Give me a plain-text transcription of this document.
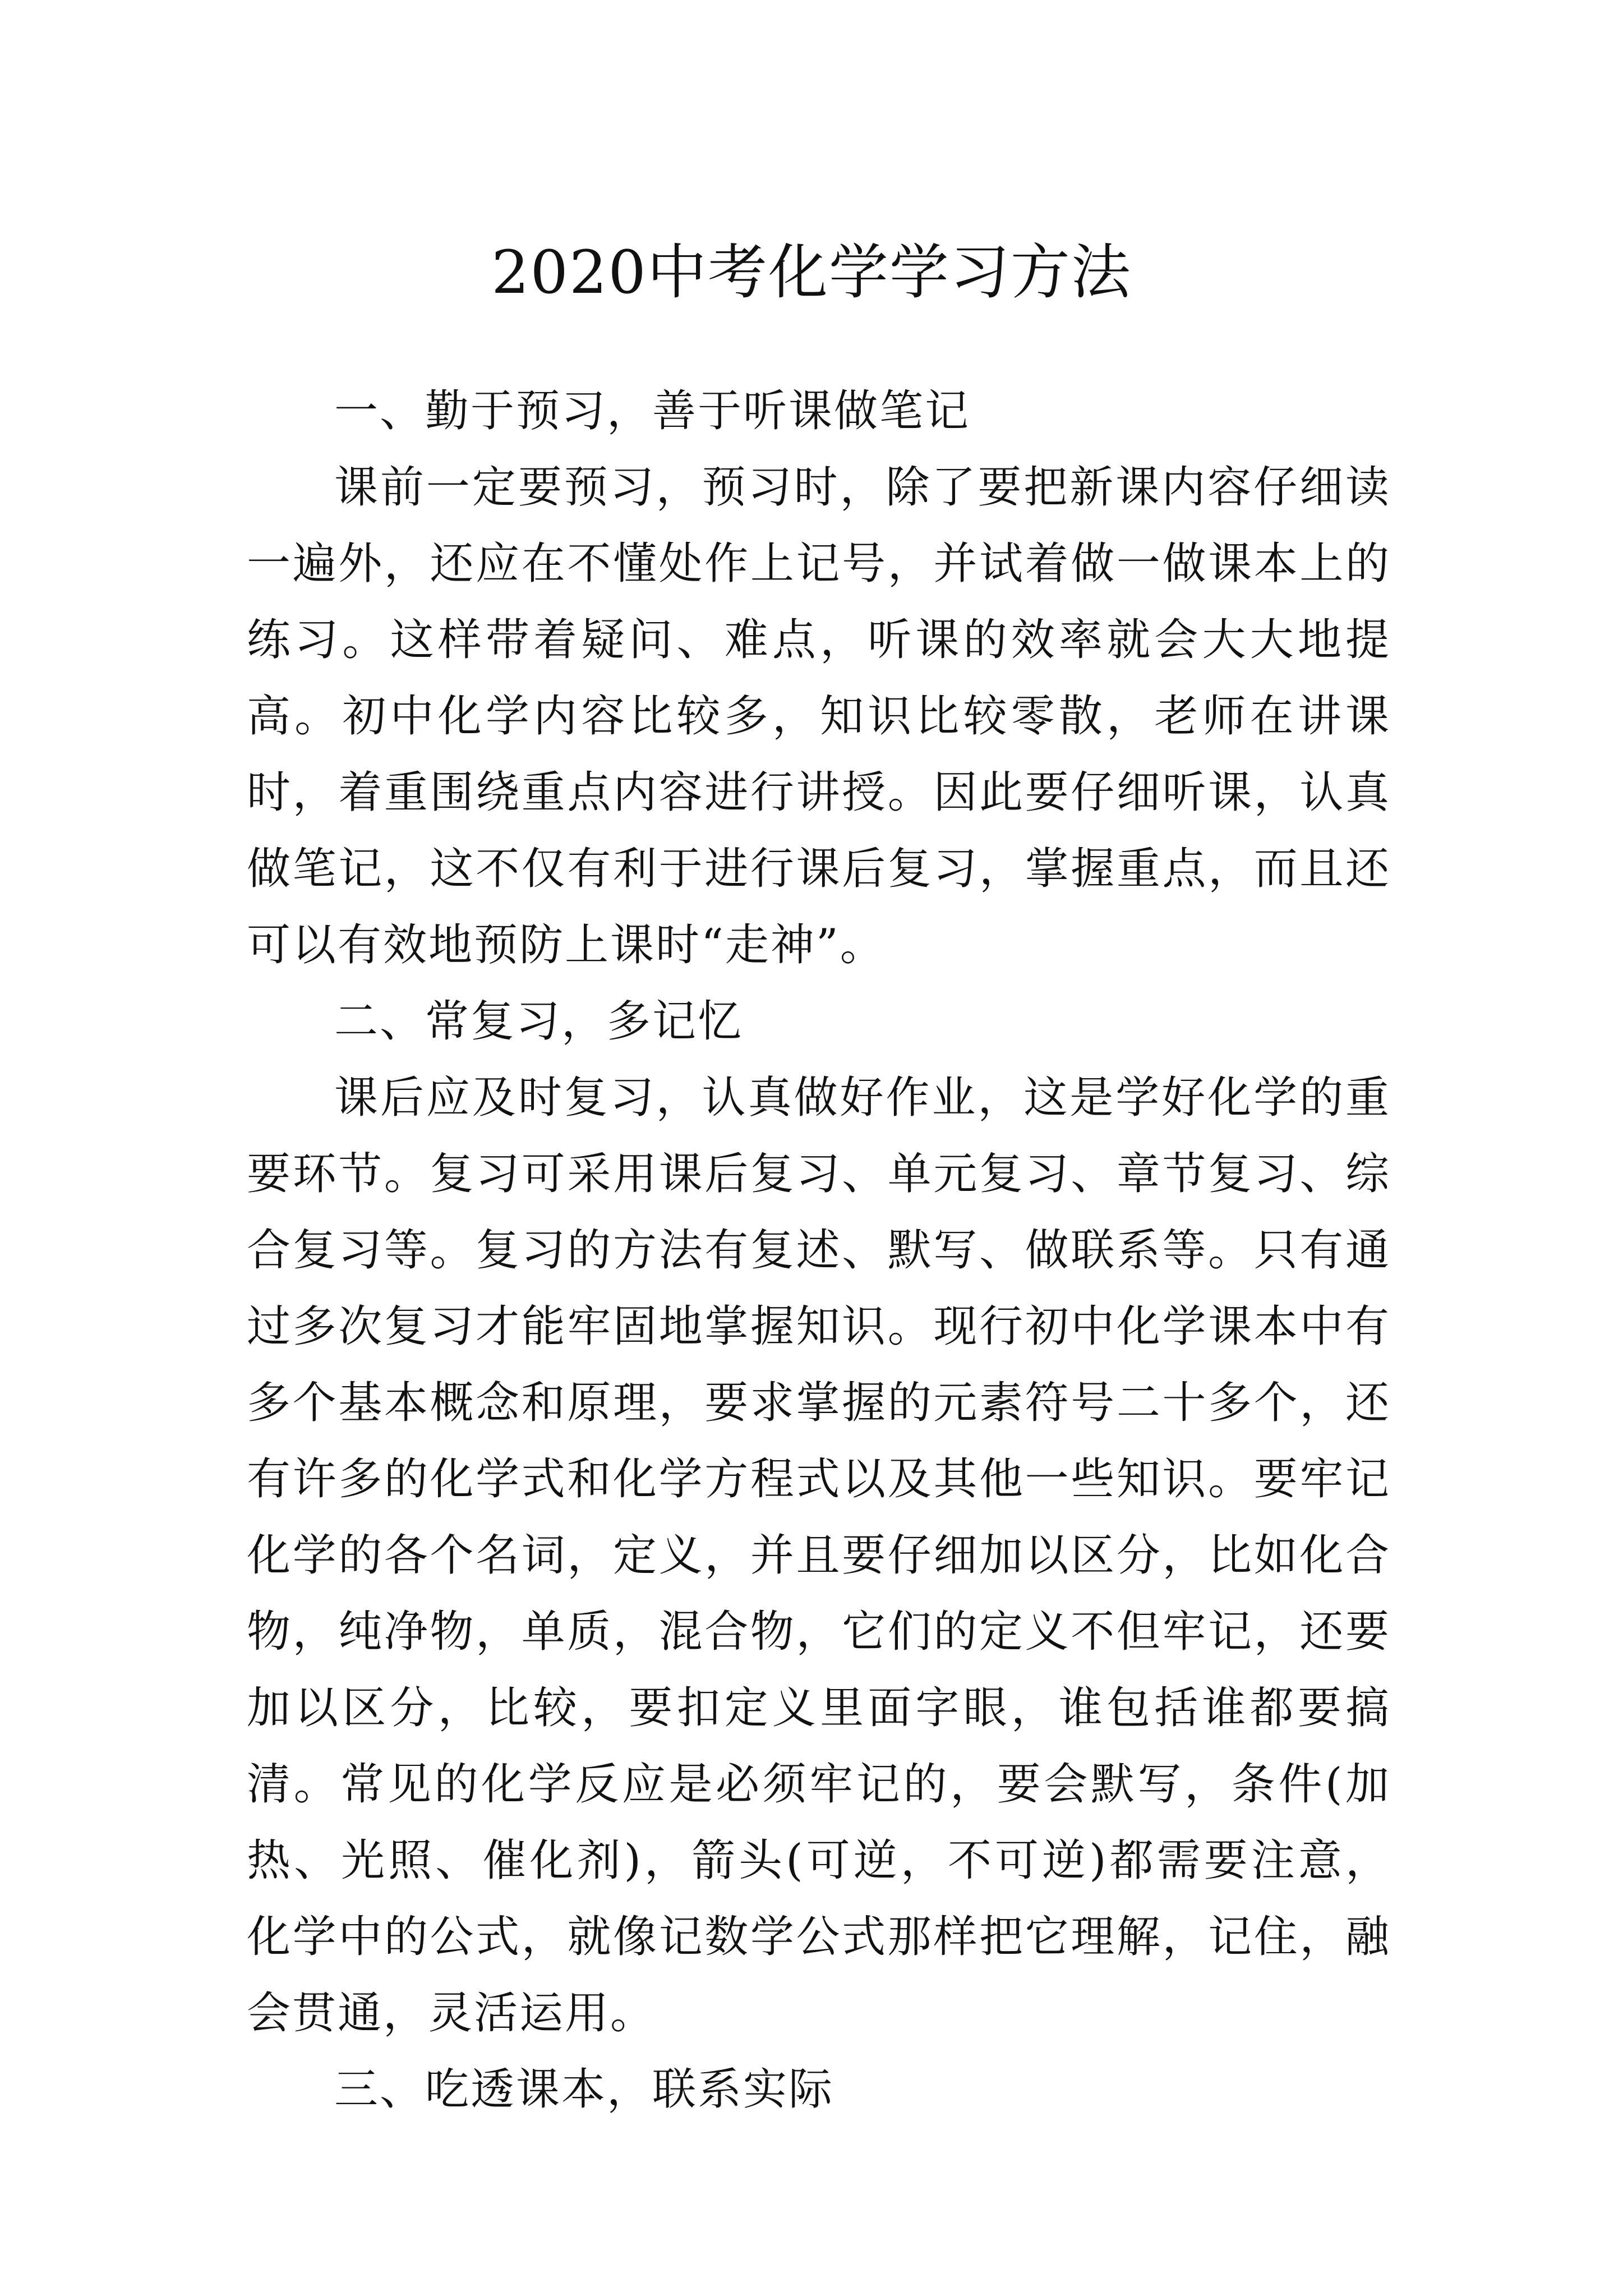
2020中考化学学习方法

一、勤于预习，善于听课做笔记

课前一定要预习，预习时，除了要把新课内容仔细读一遍外，还应在不懂处作上记号，并试着做一做课本上的练习。这样带着疑问、难点，听课的效率就会大大地提高。初中化学内容比较多，知识比较零散，老师在讲课时，着重围绕重点内容进行讲授。因此要仔细听课，认真做笔记，这不仅有利于进行课后复习，掌握重点，而且还可以有效地预防上课时“走神”。

二、常复习，多记忆

课后应及时复习，认真做好作业，这是学好化学的重要环节。复习可采用课后复习、单元复习、章节复习、综合复习等。复习的方法有复述、默写、做联系等。只有通过多次复习才能牢固地掌握知识。现行初中化学课本中有多个基本概念和原理，要求掌握的元素符号二十多个，还有许多的化学式和化学方程式以及其他一些知识。要牢记化学的各个名词，定义，并且要仔细加以区分，比如化合物，纯净物，单质，混合物，它们的定义不但牢记，还要加以区分，比较，要扣定义里面字眼，谁包括谁都要搞清。常见的化学反应是必须牢记的，要会默写，条件(加热、光照、催化剂)，箭头(可逆，不可逆)都需要注意，化学中的公式，就像记数学公式那样把它理解，记住，融会贯通，灵活运用。

三、吃透课本，联系实际
